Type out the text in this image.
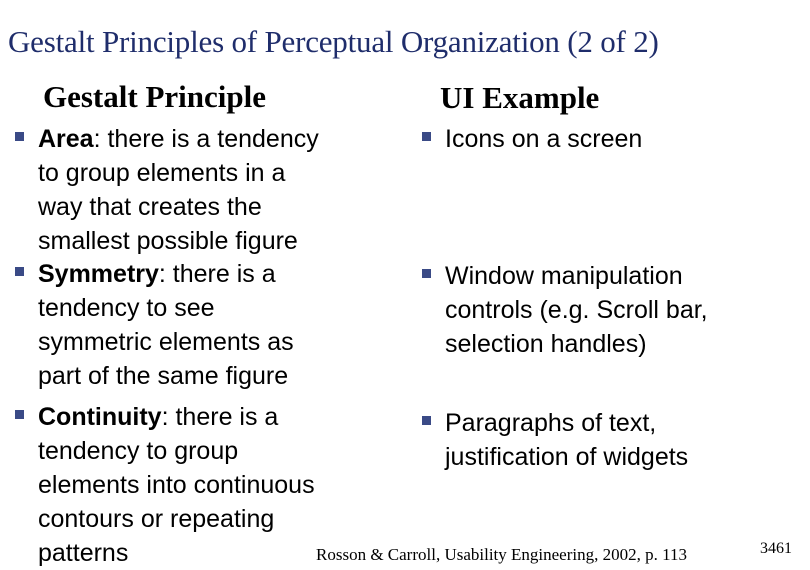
Gestalt Principles of Perceptual Organization (2 of 2)
Gestalt Principle	UI Example
Area: there is a tendency
to group elements in a
way that creates the
smallest possible figure
Symmetry: there is a
tendency to see
symmetric elements as
part of the same figure
Continuity: there is a
tendency to group
elements into continuous
contours or repeating
patterns
Icons on a screen
Window manipulation
controls (e.g. Scroll bar,
selection handles)
Paragraphs of text,
justification of widgets
Rosson & Carroll, Usability Engineering, 2002, p. 113	3461
